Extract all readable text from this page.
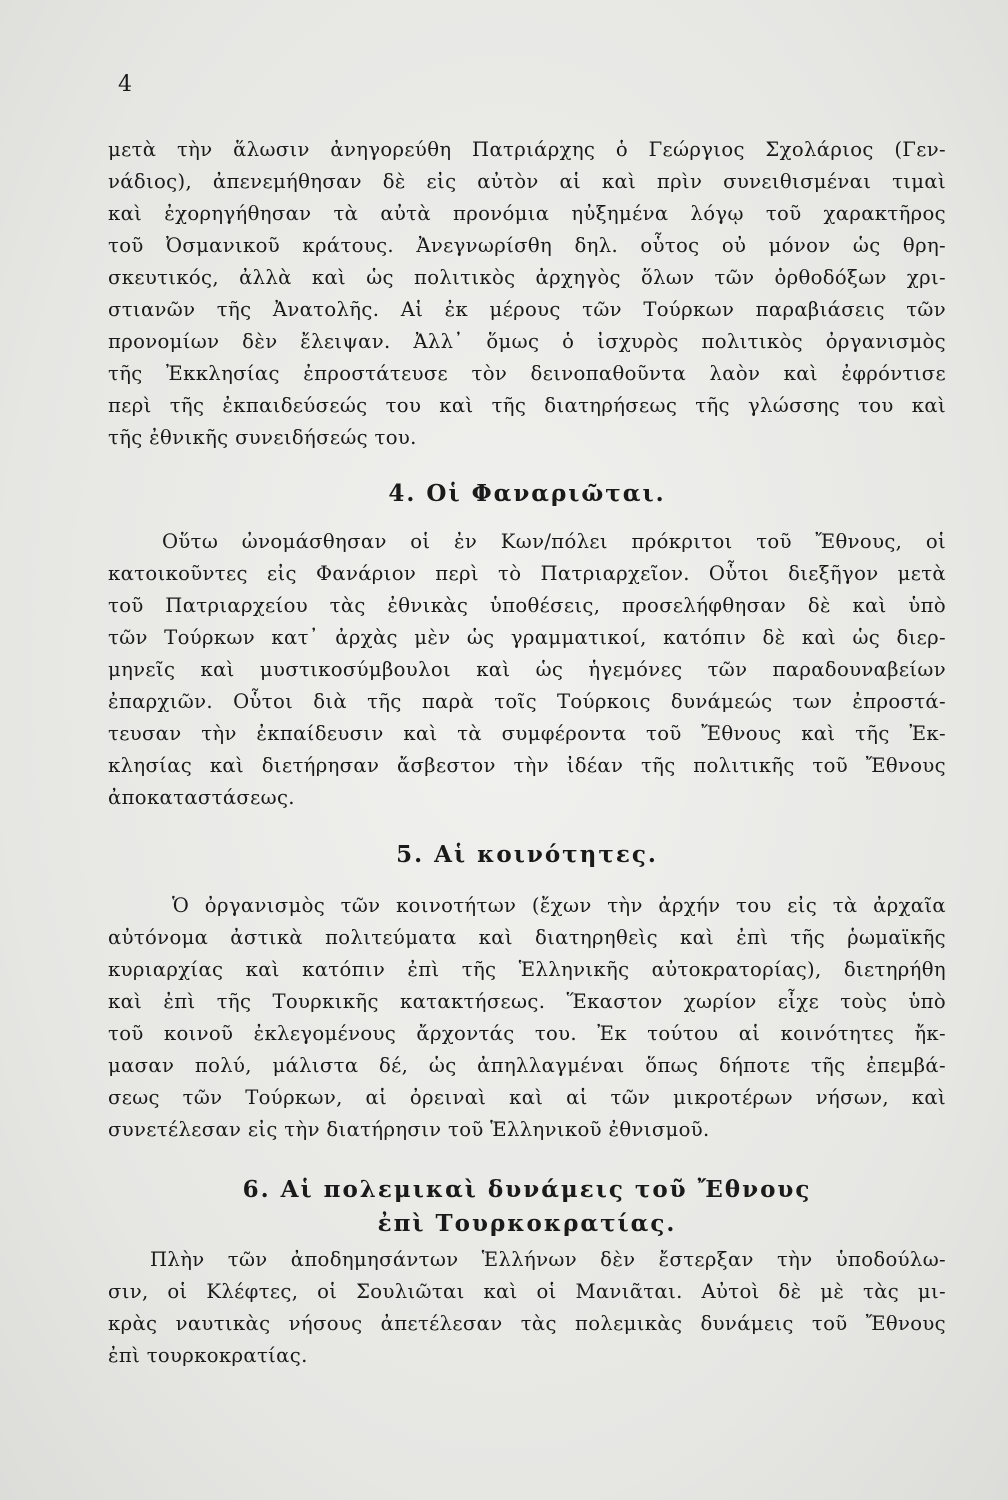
4
μετὰ τὴν ἅλωσιν ἀνηγορεύθη Πατριάρχης ὁ Γεώργιος Σχολάριος (Γεν-
νάδιος), ἀπενεμήθησαν δὲ εἰς αὐτὸν αἱ καὶ πρὶν συνειθισμέναι τιμαὶ
καὶ ἐχορηγήθησαν τὰ αὐτὰ προνόμια ηὐξημένα λόγῳ τοῦ χαρακτῆρος
τοῦ Ὀσμανικοῦ κράτους. Ἀνεγνωρίσθη δηλ. οὗτος οὐ μόνον ὡς θρη-
σκευτικός, ἀλλὰ καὶ ὡς πολιτικὸς ἀρχηγὸς ὅλων τῶν ὀρθοδόξων χρι-
στιανῶν τῆς Ἀνατολῆς. Αἱ ἐκ μέρους τῶν Τούρκων παραβιάσεις τῶν
προνομίων δὲν ἔλειψαν. Ἀλλ᾽ ὅμως ὁ ἰσχυρὸς πολιτικὸς ὀργανισμὸς
τῆς Ἐκκλησίας ἐπροστάτευσε τὸν δεινοπαθοῦντα λαὸν καὶ ἐφρόντισε
περὶ τῆς ἐκπαιδεύσεώς του καὶ τῆς διατηρήσεως τῆς γλώσσης του καὶ
τῆς ἐθνικῆς συνειδήσεώς του.
4. Οἱ Φαναριῶται.
Οὕτω ὠνομάσθησαν οἱ ἐν Κων/πόλει πρόκριτοι τοῦ Ἔθνους, οἱ
κατοικοῦντες εἰς Φανάριον περὶ τὸ Πατριαρχεῖον. Οὗτοι διεξῆγον μετὰ
τοῦ Πατριαρχείου τὰς ἐθνικὰς ὑποθέσεις, προσελήφθησαν δὲ καὶ ὑπὸ
τῶν Τούρκων κατ᾽ ἀρχὰς μὲν ὡς γραμματικοί, κατόπιν δὲ καὶ ὡς διερ-
μηνεῖς καὶ μυστικοσύμβουλοι καὶ ὡς ἡγεμόνες τῶν παραδουναβείων
ἐπαρχιῶν. Οὗτοι διὰ τῆς παρὰ τοῖς Τούρκοις δυνάμεώς των ἐπροστά-
τευσαν τὴν ἐκπαίδευσιν καὶ τὰ συμφέροντα τοῦ Ἔθνους καὶ τῆς Ἐκ-
κλησίας καὶ διετήρησαν ἄσβεστον τὴν ἰδέαν τῆς πολιτικῆς τοῦ Ἔθνους
ἀποκαταστάσεως.
5. Αἱ κοινότητες.
Ὁ ὀργανισμὸς τῶν κοινοτήτων (ἔχων τὴν ἀρχήν του εἰς τὰ ἀρχαῖα
αὐτόνομα ἀστικὰ πολιτεύματα καὶ διατηρηθεὶς καὶ ἐπὶ τῆς ῥωμαϊκῆς
κυριαρχίας καὶ κατόπιν ἐπὶ τῆς Ἑλληνικῆς αὐτοκρατορίας), διετηρήθη
καὶ ἐπὶ τῆς Τουρκικῆς κατακτήσεως. Ἕκαστον χωρίον εἶχε τοὺς ὑπὸ
τοῦ κοινοῦ ἐκλεγομένους ἄρχοντάς του. Ἐκ τούτου αἱ κοινότητες ἤκ-
μασαν πολύ, μάλιστα δέ, ὡς ἀπηλλαγμέναι ὅπως δήποτε τῆς ἐπεμβά-
σεως τῶν Τούρκων, αἱ ὀρειναὶ καὶ αἱ τῶν μικροτέρων νήσων, καὶ
συνετέλεσαν εἰς τὴν διατήρησιν τοῦ Ἑλληνικοῦ ἐθνισμοῦ.
6. Αἱ πολεμικαὶ δυνάμεις τοῦ Ἔθνους
ἐπὶ Τουρκοκρατίας.
Πλὴν τῶν ἀποδημησάντων Ἑλλήνων δὲν ἔστερξαν τὴν ὑποδούλω-
σιν, οἱ Κλέφτες, οἱ Σουλιῶται καὶ οἱ Μανιᾶται. Αὐτοὶ δὲ μὲ τὰς μι-
κρὰς ναυτικὰς νήσους ἀπετέλεσαν τὰς πολεμικὰς δυνάμεις τοῦ Ἔθνους
ἐπὶ τουρκοκρατίας.
